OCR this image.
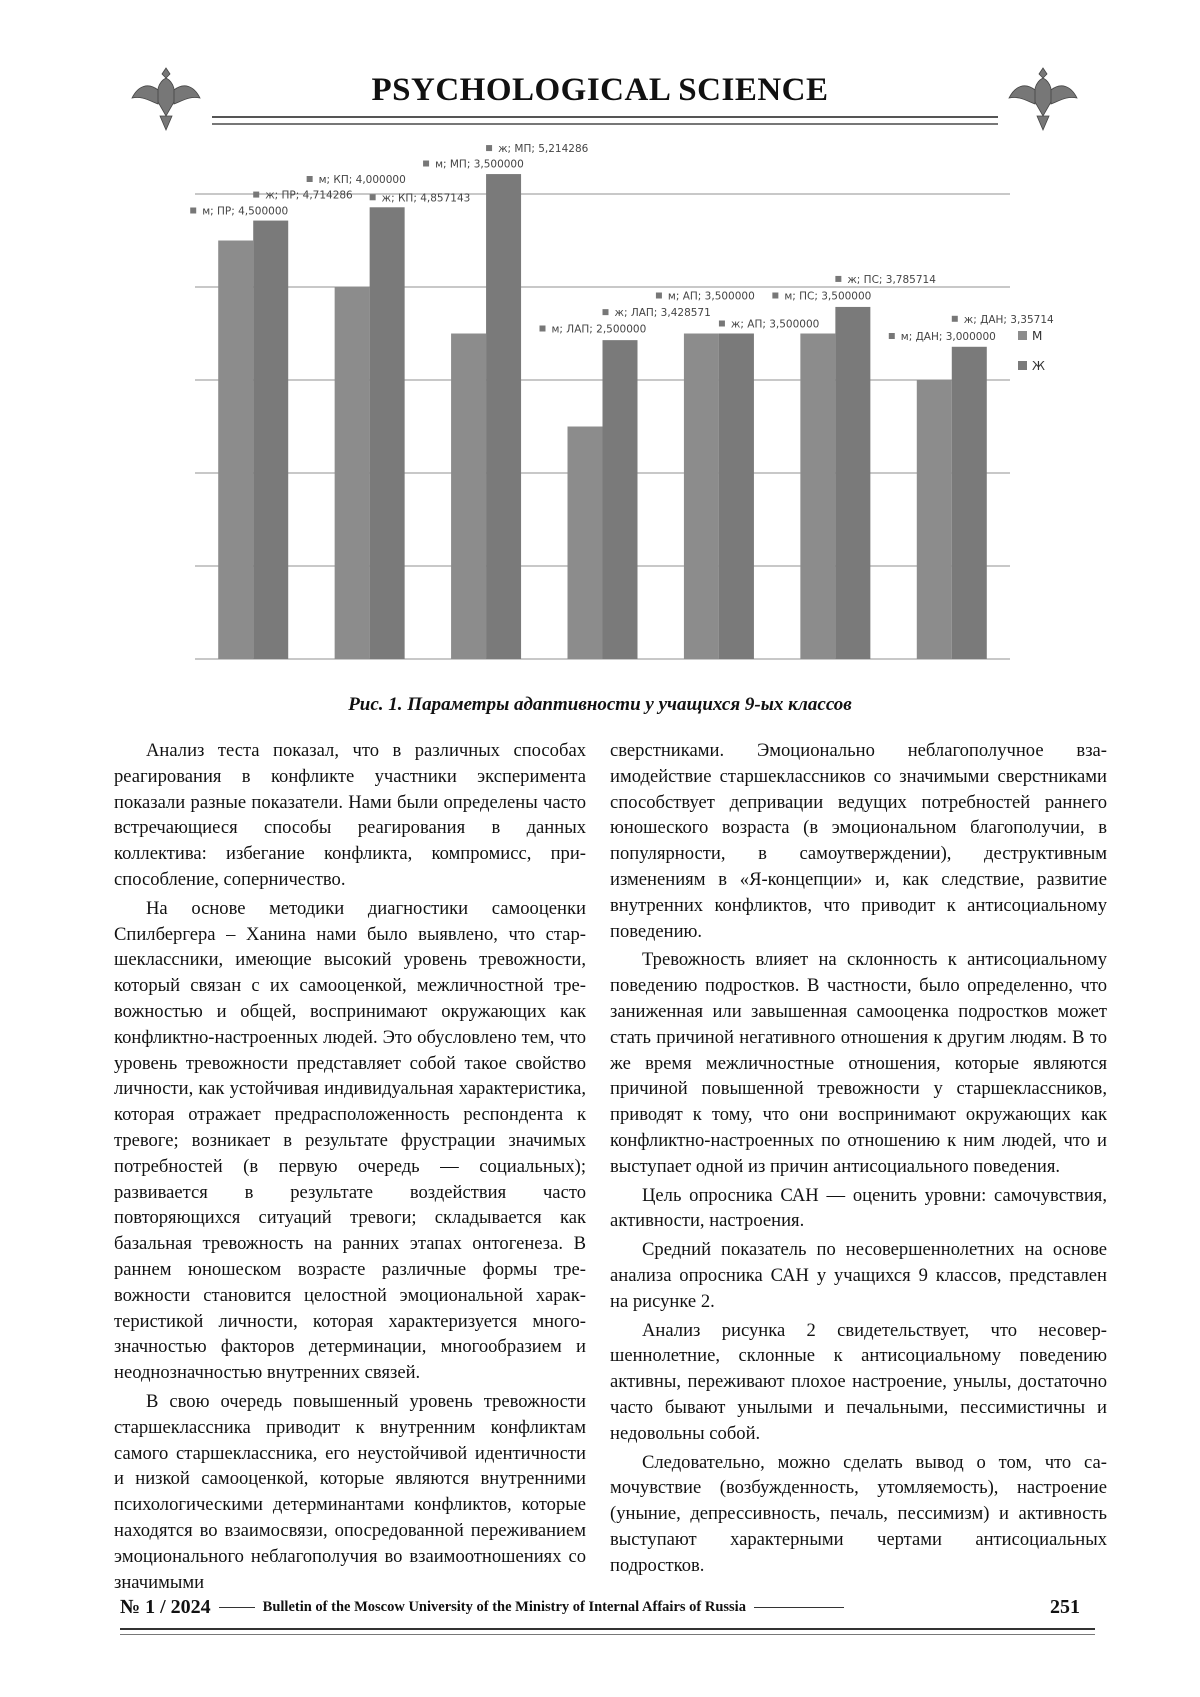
PSYCHOLOGICAL SCIENCE
М
Ж
м; ПР; 4,500000
ж; ПР; 4,714286
м; КП; 4,000000
ж; КП; 4,857143
м; МП; 3,500000
ж; МП; 5,214286
м; ЛАП; 2,500000
ж; ЛАП; 3,428571
м; АП; 3,500000
ж; АП; 3,500000
м; ПС; 3,500000
ж; ПС; 3,785714
м; ДАН; 3,000000
ж; ДАН; 3,35714
Рис. 1. Параметры адаптивности у учащихся 9-ых классов

Анализ теста показал, что в различных способах реагирования в конфликте участники эксперимента показали разные показатели. Нами были определены часто встречающиеся способы реагирования в данных коллектива: избегание конфликта, компромисс, при­способление, соперничество.

На основе методики диагностики самооценки Спилбергера – Ханина нами было выявлено, что стар­шеклассники, имеющие высокий уровень тревожности, который связан с их самооценкой, межличностной тре­вожностью и общей, воспринимают окружающих как конфликтно-настроенных людей. Это обусловлено тем, что уровень тревожности представляет собой такое свойство личности, как устойчивая индивидуальная ха­рактеристика, которая отражает предрасположенность респондента к тревоге; возникает в результате фрустра­ции значимых потребностей (в первую очередь — со­циальных); развивается в результате воздействия часто повторяющихся ситуаций тревоги; складывается как базальная тревожность на ранних этапах онтогенеза. В раннем юношеском возрасте различные формы тре­вожности становится целостной эмоциональной харак­теристикой личности, которая характеризуется много­значностью факторов детерминации, многообразием и неоднозначностью внутренних связей.

В свою очередь повышенный уровень тревож­ности старшеклассника приводит к внутренним кон­фликтам самого старшеклассника, его неустойчивой идентичности и низкой самооценкой, которые явля­ются внутренними психологическими детерминанта­ми конфликтов, которые находятся во взаимосвязи, опосредованной переживанием эмоционального не­благополучия во взаимоотношениях со значимыми

сверстниками. Эмоционально неблагополучное вза­имодействие старшеклассников со значимыми свер­стниками способствует депривации ведущих потреб­ностей раннего юношеского возраста (в эмоциональном благополучии, в популярности, в самоутверждении), деструктивным изменениям в «Я-концепции» и, как следствие, развитие внутренних конфликтов, что при­водит к антисоциальному поведению.

Тревожность влияет на склонность к антисоциаль­ному поведению подростков. В частности, было опре­деленно, что заниженная или завышенная самооценка подростков может стать причиной негативного отно­шения к другим людям. В то же время межличностные отношения, которые являются причиной повышенной тревожности у старшеклассников, приводят к тому, что они воспринимают окружающих как конфликтно-настроенных по отношению к ним людей, что и вы­ступает одной из причин антисоциального поведения.

Цель опросника САН — оценить уровни: само­чувствия, активности, настроения.

Средний показатель по несовершеннолетних на основе анализа опросника САН у учащихся 9 классов, представлен на рисунке 2.

Анализ рисунка 2 свидетельствует, что несовер­шеннолетние, склонные к антисоциальному поведе­нию активны, переживают плохое настроение, унылы, достаточно часто бывают унылыми и печальными, пессимистичны и недовольны собой.

Следовательно, можно сделать вывод о том, что са­мочувствие (возбужденность, утомляемость), настро­ение (уныние, депрессивность, печаль, пессимизм) и активность выступают характерными чертами анти­социальных подростков.

№ 1 / 2024	Bulletin of the Moscow University of the Ministry of Internal Affairs of Russia	251
